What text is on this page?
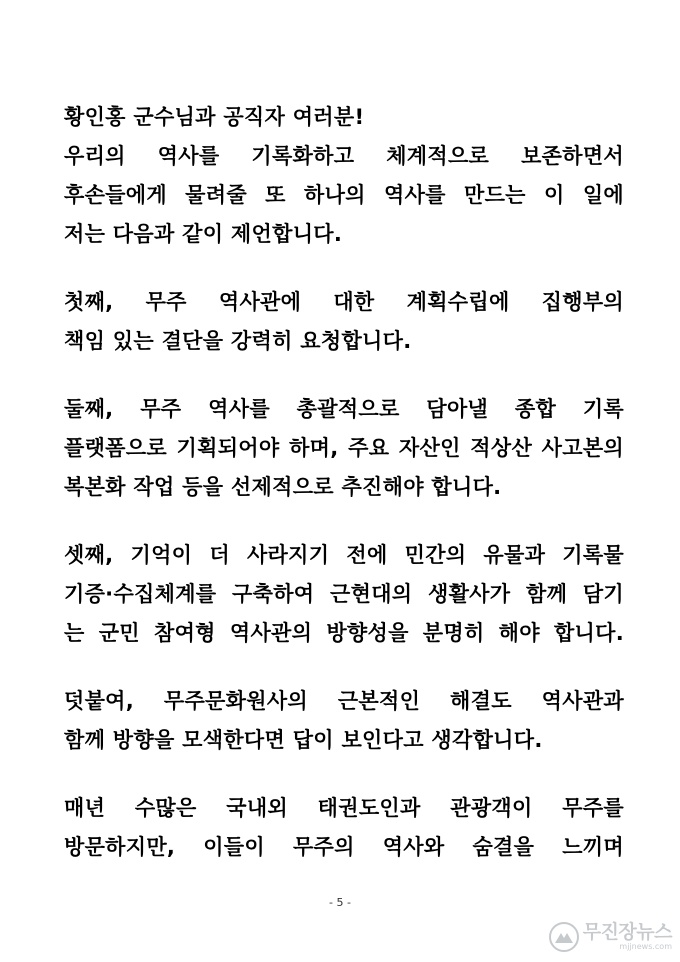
황인홍 군수님과 공직자 여러분!
우리의 역사를 기록화하고 체계적으로 보존하면서
후손들에게 물려줄 또 하나의 역사를 만드는 이 일에
저는 다음과 같이 제언합니다.
첫째, 무주 역사관에 대한 계획수립에 집행부의
책임 있는 결단을 강력히 요청합니다.
둘째, 무주 역사를 총괄적으로 담아낼 종합 기록
플랫폼으로 기획되어야 하며, 주요 자산인 적상산 사고본의
복본화 작업 등을 선제적으로 추진해야 합니다.
셋째, 기억이 더 사라지기 전에 민간의 유물과 기록물
기증·수집체계를 구축하여 근현대의 생활사가 함께 담기
는 군민 참여형 역사관의 방향성을 분명히 해야 합니다.
덧붙여, 무주문화원사의 근본적인 해결도 역사관과
함께 방향을 모색한다면 답이 보인다고 생각합니다.
매년 수많은 국내외 태권도인과 관광객이 무주를
방문하지만, 이들이 무주의 역사와 숨결을 느끼며
- 5 -
무진장뉴스
mjjnews.com
